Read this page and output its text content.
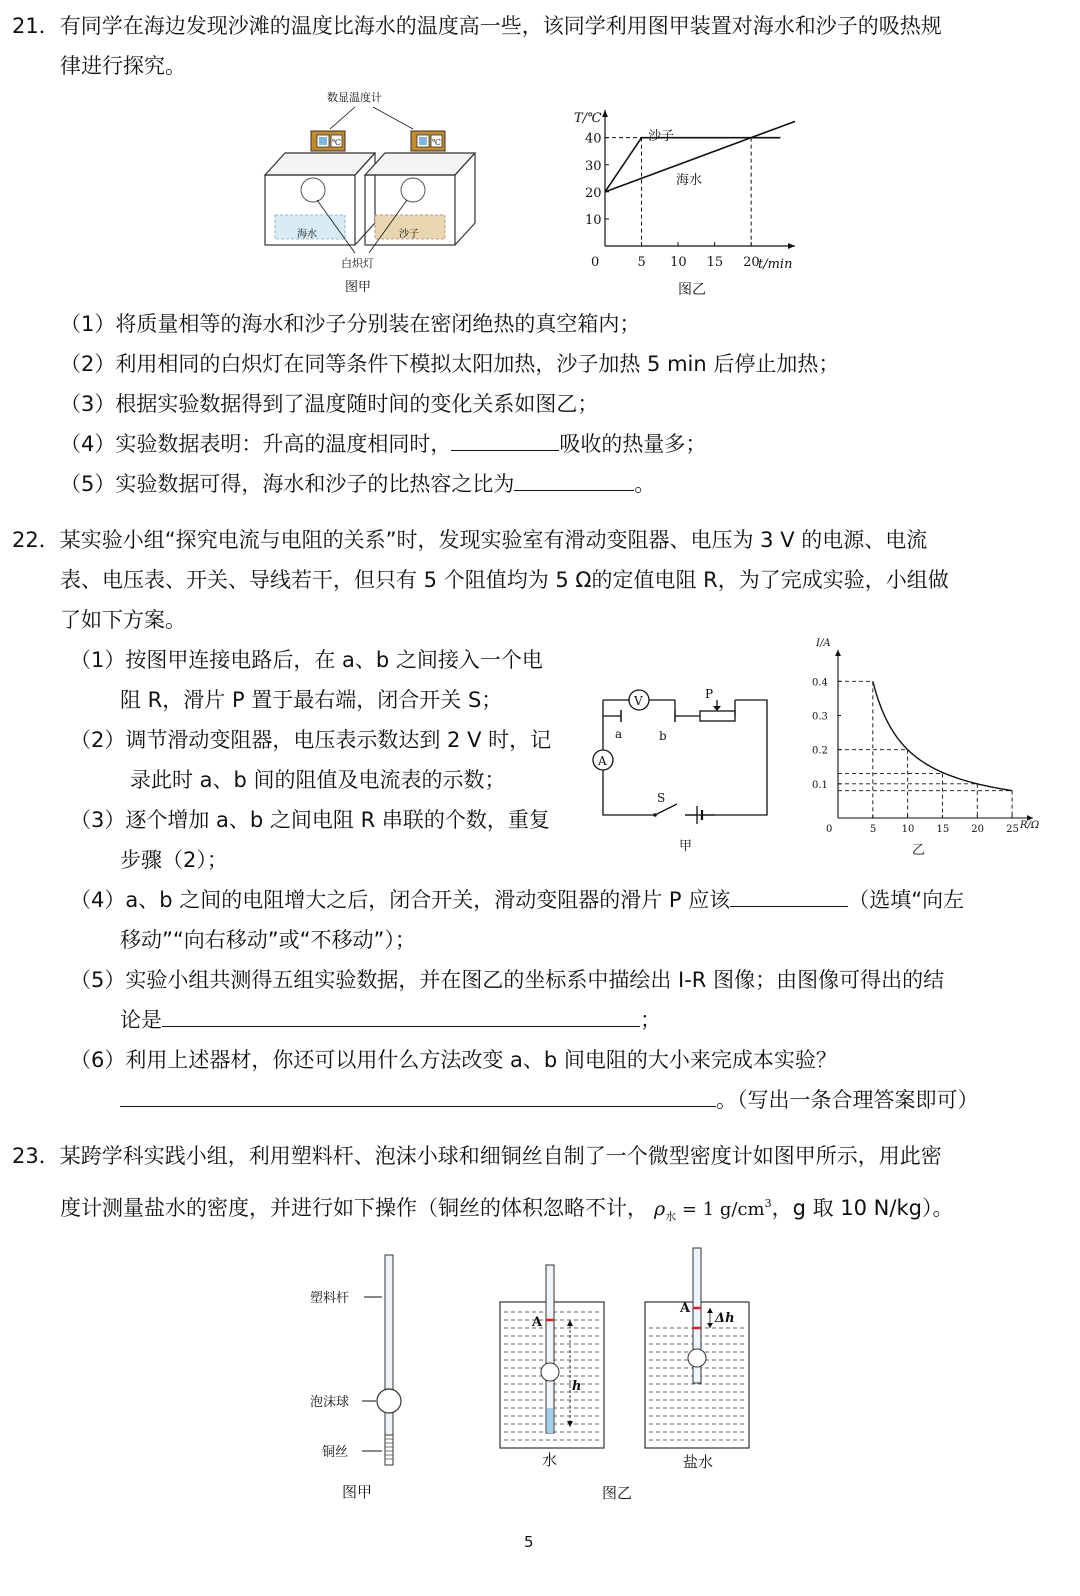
21．有同学在海边发现沙滩的温度比海水的温度高一些，该同学利用图甲装置对海水和沙子的吸热规
律进行探究。
数显温度计
海水
℃
沙子
℃
白炽灯
图甲
T/℃
t/min
沙子
海水
图乙
5 10 15 20
10
20
30
40
0
（1）将质量相等的海水和沙子分别装在密闭绝热的真空箱内；
（2）利用相同的白炽灯在同等条件下模拟太阳加热，沙子加热 5 min 后停止加热；
（3）根据实验数据得到了温度随时间的变化关系如图乙；
（4）实验数据表明：升高的温度相同时，	吸收的热量多；
（5）实验数据可得，海水和沙子的比热容之比为	。
22．某实验小组“探究电流与电阻的关系”时，发现实验室有滑动变阻器、电压为 3 V 的电源、电流
表、电压表、开关、导线若干，但只有 5 个阻值均为 5 Ω的定值电阻 R，为了完成实验，小组做
了如下方案。
（1）按图甲连接电路后，在 a、b 之间接入一个电
阻 R，滑片 P 置于最右端，闭合开关 S；
（2）调节滑动变阻器，电压表示数达到 2 V 时，记
录此时 a、b 间的阻值及电流表的示数；
（3）逐个增加 a、b 之间电阻 R 串联的个数，重复
步骤（2）；
a	b
V
A
P
S
甲
I/A
R/Ω
乙
5	10 15 20 25
0.1
0.2
0.3
0.4
0
（4）a、b 之间的电阻增大之后，闭合开关，滑动变阻器的滑片 P 应该	（选填“向左
移动”“向右移动”或“不移动”）；
（5）实验小组共测得五组实验数据，并在图乙的坐标系中描绘出 I-R 图像；由图像可得出的结
论是	；
（6）利用上述器材，你还可以用什么方法改变 a、b 间电阻的大小来完成本实验？
。（写出一条合理答案即可）
23．某跨学科实践小组，利用塑料杆、泡沫小球和细铜丝自制了一个微型密度计如图甲所示，用此密
度计测量盐水的密度，并进行如下操作（铜丝的体积忽略不计， $\rho_水 = 1$ $g/cm^3$，g 取 10 N/kg）。
塑料杆
泡沫球
铜丝
图甲
A
h
水
A
Δh
盐水
图乙
5
